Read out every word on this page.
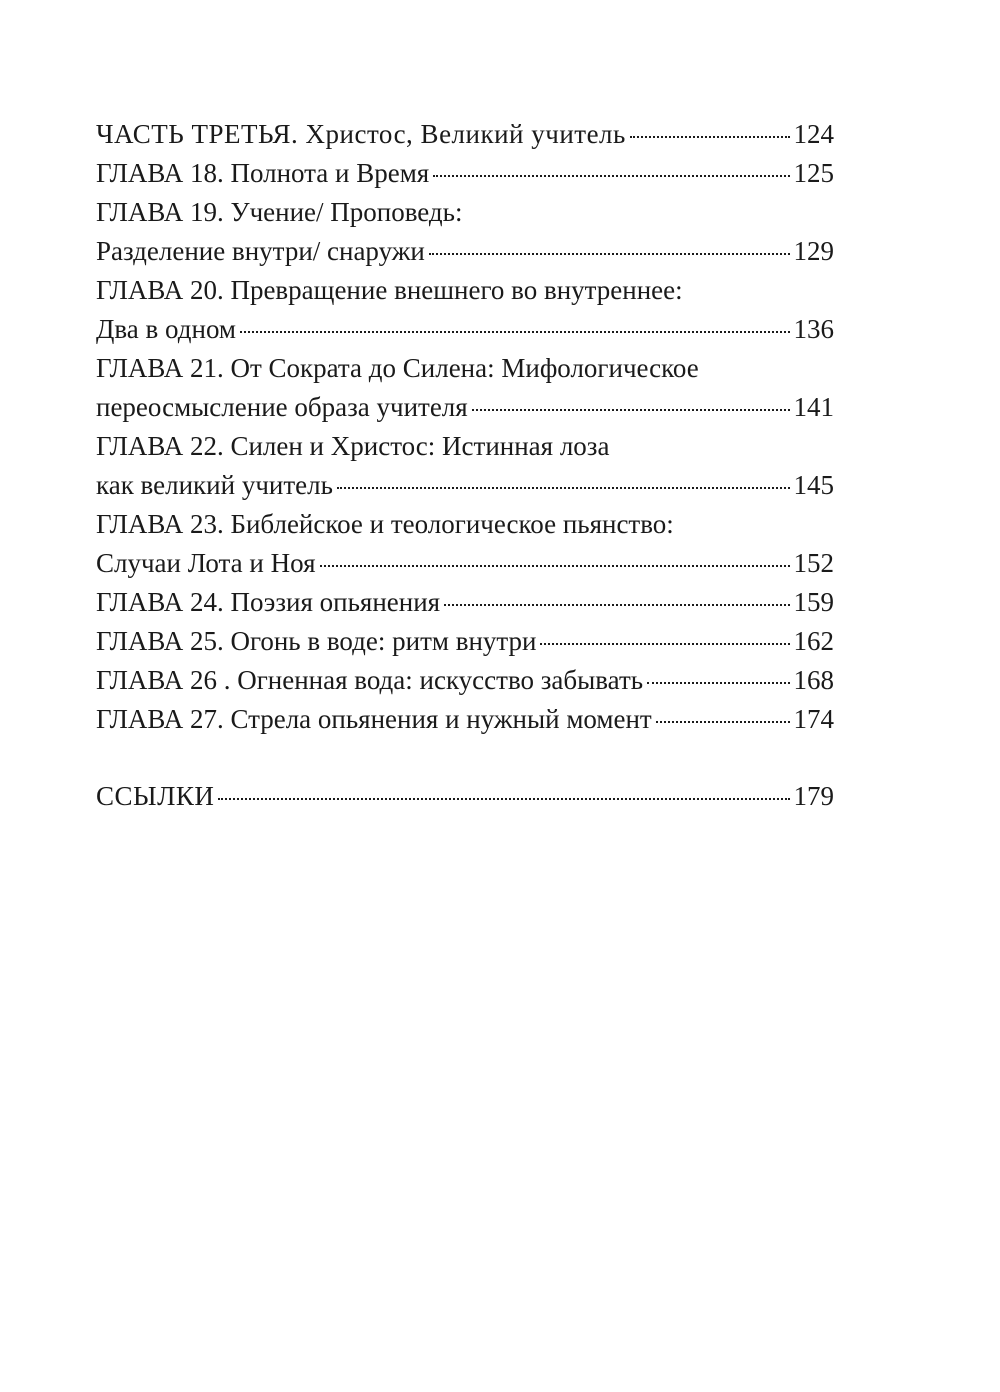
ЧАСТЬ ТРЕТЬЯ. Христос, Великий учитель	124
ГЛАВА 18. Полнота и Время	125
ГЛАВА 19. Учение/ Проповедь:
Разделение внутри/ снаружи	129
ГЛАВА 20. Превращение внешнего во внутреннее:
Два в одном	136
ГЛАВА 21. От Сократа до Силена: Мифологическое
переосмысление образа учителя	141
ГЛАВА 22. Силен и Христос: Истинная лоза
как великий учитель	145
ГЛАВА 23. Библейское и теологическое пьянство:
Случаи Лота и Ноя	152
ГЛАВА 24. Поэзия опьянения	159
ГЛАВА 25. Огонь в воде: ритм внутри	162
ГЛАВА 26 . Огненная вода: искусство забывать	168
ГЛАВА 27. Стрела опьянения и нужный момент	174
ССЫЛКИ	179
